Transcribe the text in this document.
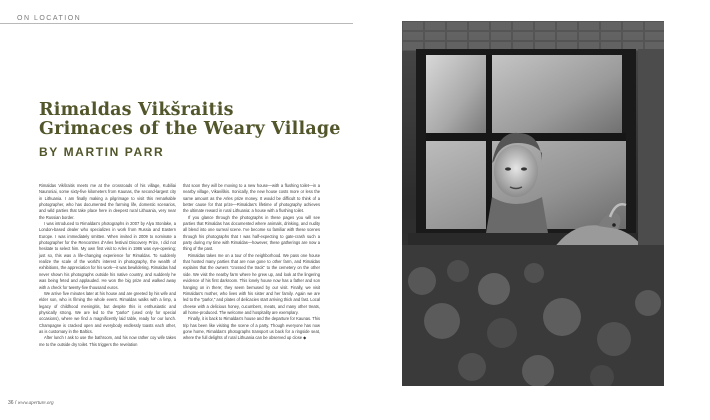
ON LOCATION
Rimaldas Vikšraitis
Grimaces of the Weary Village
BY MARTIN PARR

Rimaldas Vikšraitis meets me at the crossroads of his village, Kubiliai Nauroniai, some sixty-five kilometers from Kaunas, the second-largest city in Lithuania. I am finally making a pilgrimage to visit this remarkable photographer, who has documented the farming life, domestic scenarios, and wild parties that take place here in deepest rural Lithuania, very near the Russian border.

I was introduced to Rimaldas's photographs in 2007 by Alya Stonlake, a London-based dealer who specializes in work from Russia and Eastern Europe. I was immediately smitten. When invited in 2009 to nominate a photographer for the Rencontres d'Arles festival Discovery Prize, I did not hesitate to select him. My own first visit to Arles in 1986 was eye-opening; just so, this was a life-changing experience for Rimaldas. To suddenly realize the scale of the world's interest in photography, the wealth of exhibitions, the appreciation for his work—it was bewildering. Rimaldas had never shown his photographs outside his native country, and suddenly he was being feted and applauded. He won the big prize and walked away with a check for twenty-five thousand euros.

We arrive five minutes later at his house and are greeted by his wife and elder son, who is filming the whole event. Rimaldas walks with a limp, a legacy of childhood meningitis, but despite this is enthusiastic and physically strong. We are led to the "parlor" (used only for special occasions), where we find a magnificently laid table, ready for our lunch. Champagne is cracked open and everybody endlessly toasts each other, as is customary in the Baltics.

After lunch I ask to use the bathroom, and his now rather coy wife takes me to the outside dry toilet. This triggers the revelation

that soon they will be moving to a new house—with a flushing toilet—in a nearby village, Vikaviškis. Ironically, the new house costs more or less the same amount as the Arles prize money. It would be difficult to think of a better cause for that prize—Rimaldas's lifetime of photography achieves the ultimate reward in rural Lithuania: a house with a flushing toilet.

If you glance through the photographs in these pages you will see parties that Rimaldas has documented where animals, drinking, and nudity all blend into one surreal scene. I've become so familiar with these scenes through his photographs that I was half-expecting to gate-crash such a party during my time with Rimaldas—however, these gatherings are now a thing of the past.

Rimaldas takes me on a tour of the neighborhood. We pass one house that hosted many parties that are now gone to other farm, and Rimaldas explains that the owners "crossed the track" to the cemetery on the other side. We visit the nearby farm where he grew up, and look at the lingering evidence of his first darkroom. This lonely house now has a father and son hanging on in there; they seem bemused by our visit. Finally, we visit Rimaldas's mother, who lives with his sister and her family. Again we are led to the "parlor," and plates of delicacies start arriving thick and fast. Local cheese with a delicious honey, cucumbers, meats, and many other treats, all home-produced. The welcome and hospitality are exemplary.

Finally, it is back to Rimaldas's house and the departure for Kaunas. This trip has been like visiting the scene of a party. Though everyone has now gone home, Rimaldas's photographs transport us back for a ringside seat, where the full delights of rural Lithuania can be observed up close ◆

36 / www.aperture.org
